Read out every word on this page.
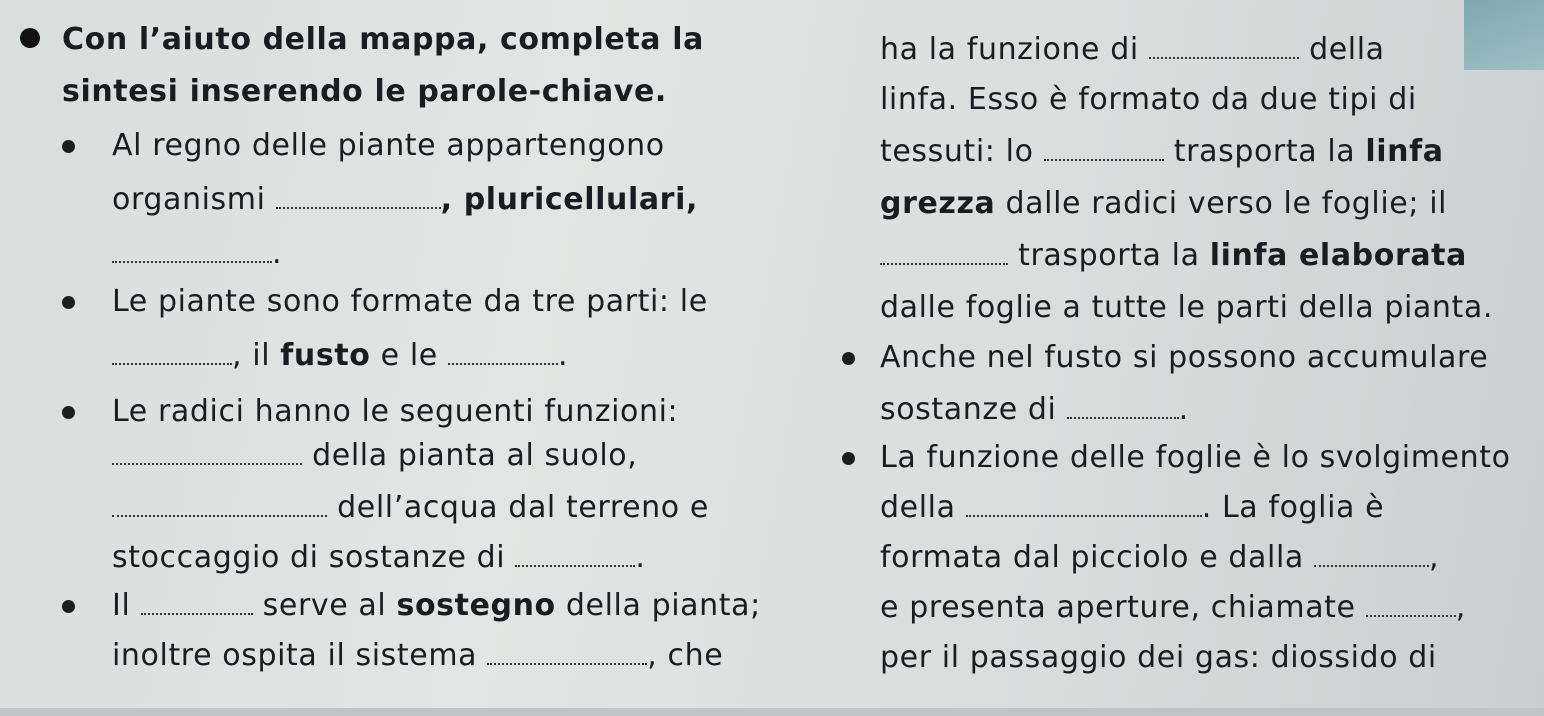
Con l’aiuto della mappa, completa la
sintesi inserendo le parole-chiave.
Al regno delle piante appartengono
organismi	, pluricellulari,
.
Le piante sono formate da tre parti: le
, il fusto e le	.
Le radici hanno le seguenti funzioni:
della pianta al suolo,
dell’acqua dal terreno e
stoccaggio di sostanze di	.
Il	serve al sostegno della pianta;
inoltre ospita il sistema	, che
ha la funzione di	della
linfa. Esso è formato da due tipi di
tessuti: lo	trasporta la linfa
grezza dalle radici verso le foglie; il
trasporta la linfa elaborata
dalle foglie a tutte le parti della pianta.
Anche nel fusto si possono accumulare
sostanze di	.
La funzione delle foglie è lo svolgimento
della	. La foglia è
formata dal picciolo e dalla	,
e presenta aperture, chiamate	,
per il passaggio dei gas: diossido di
